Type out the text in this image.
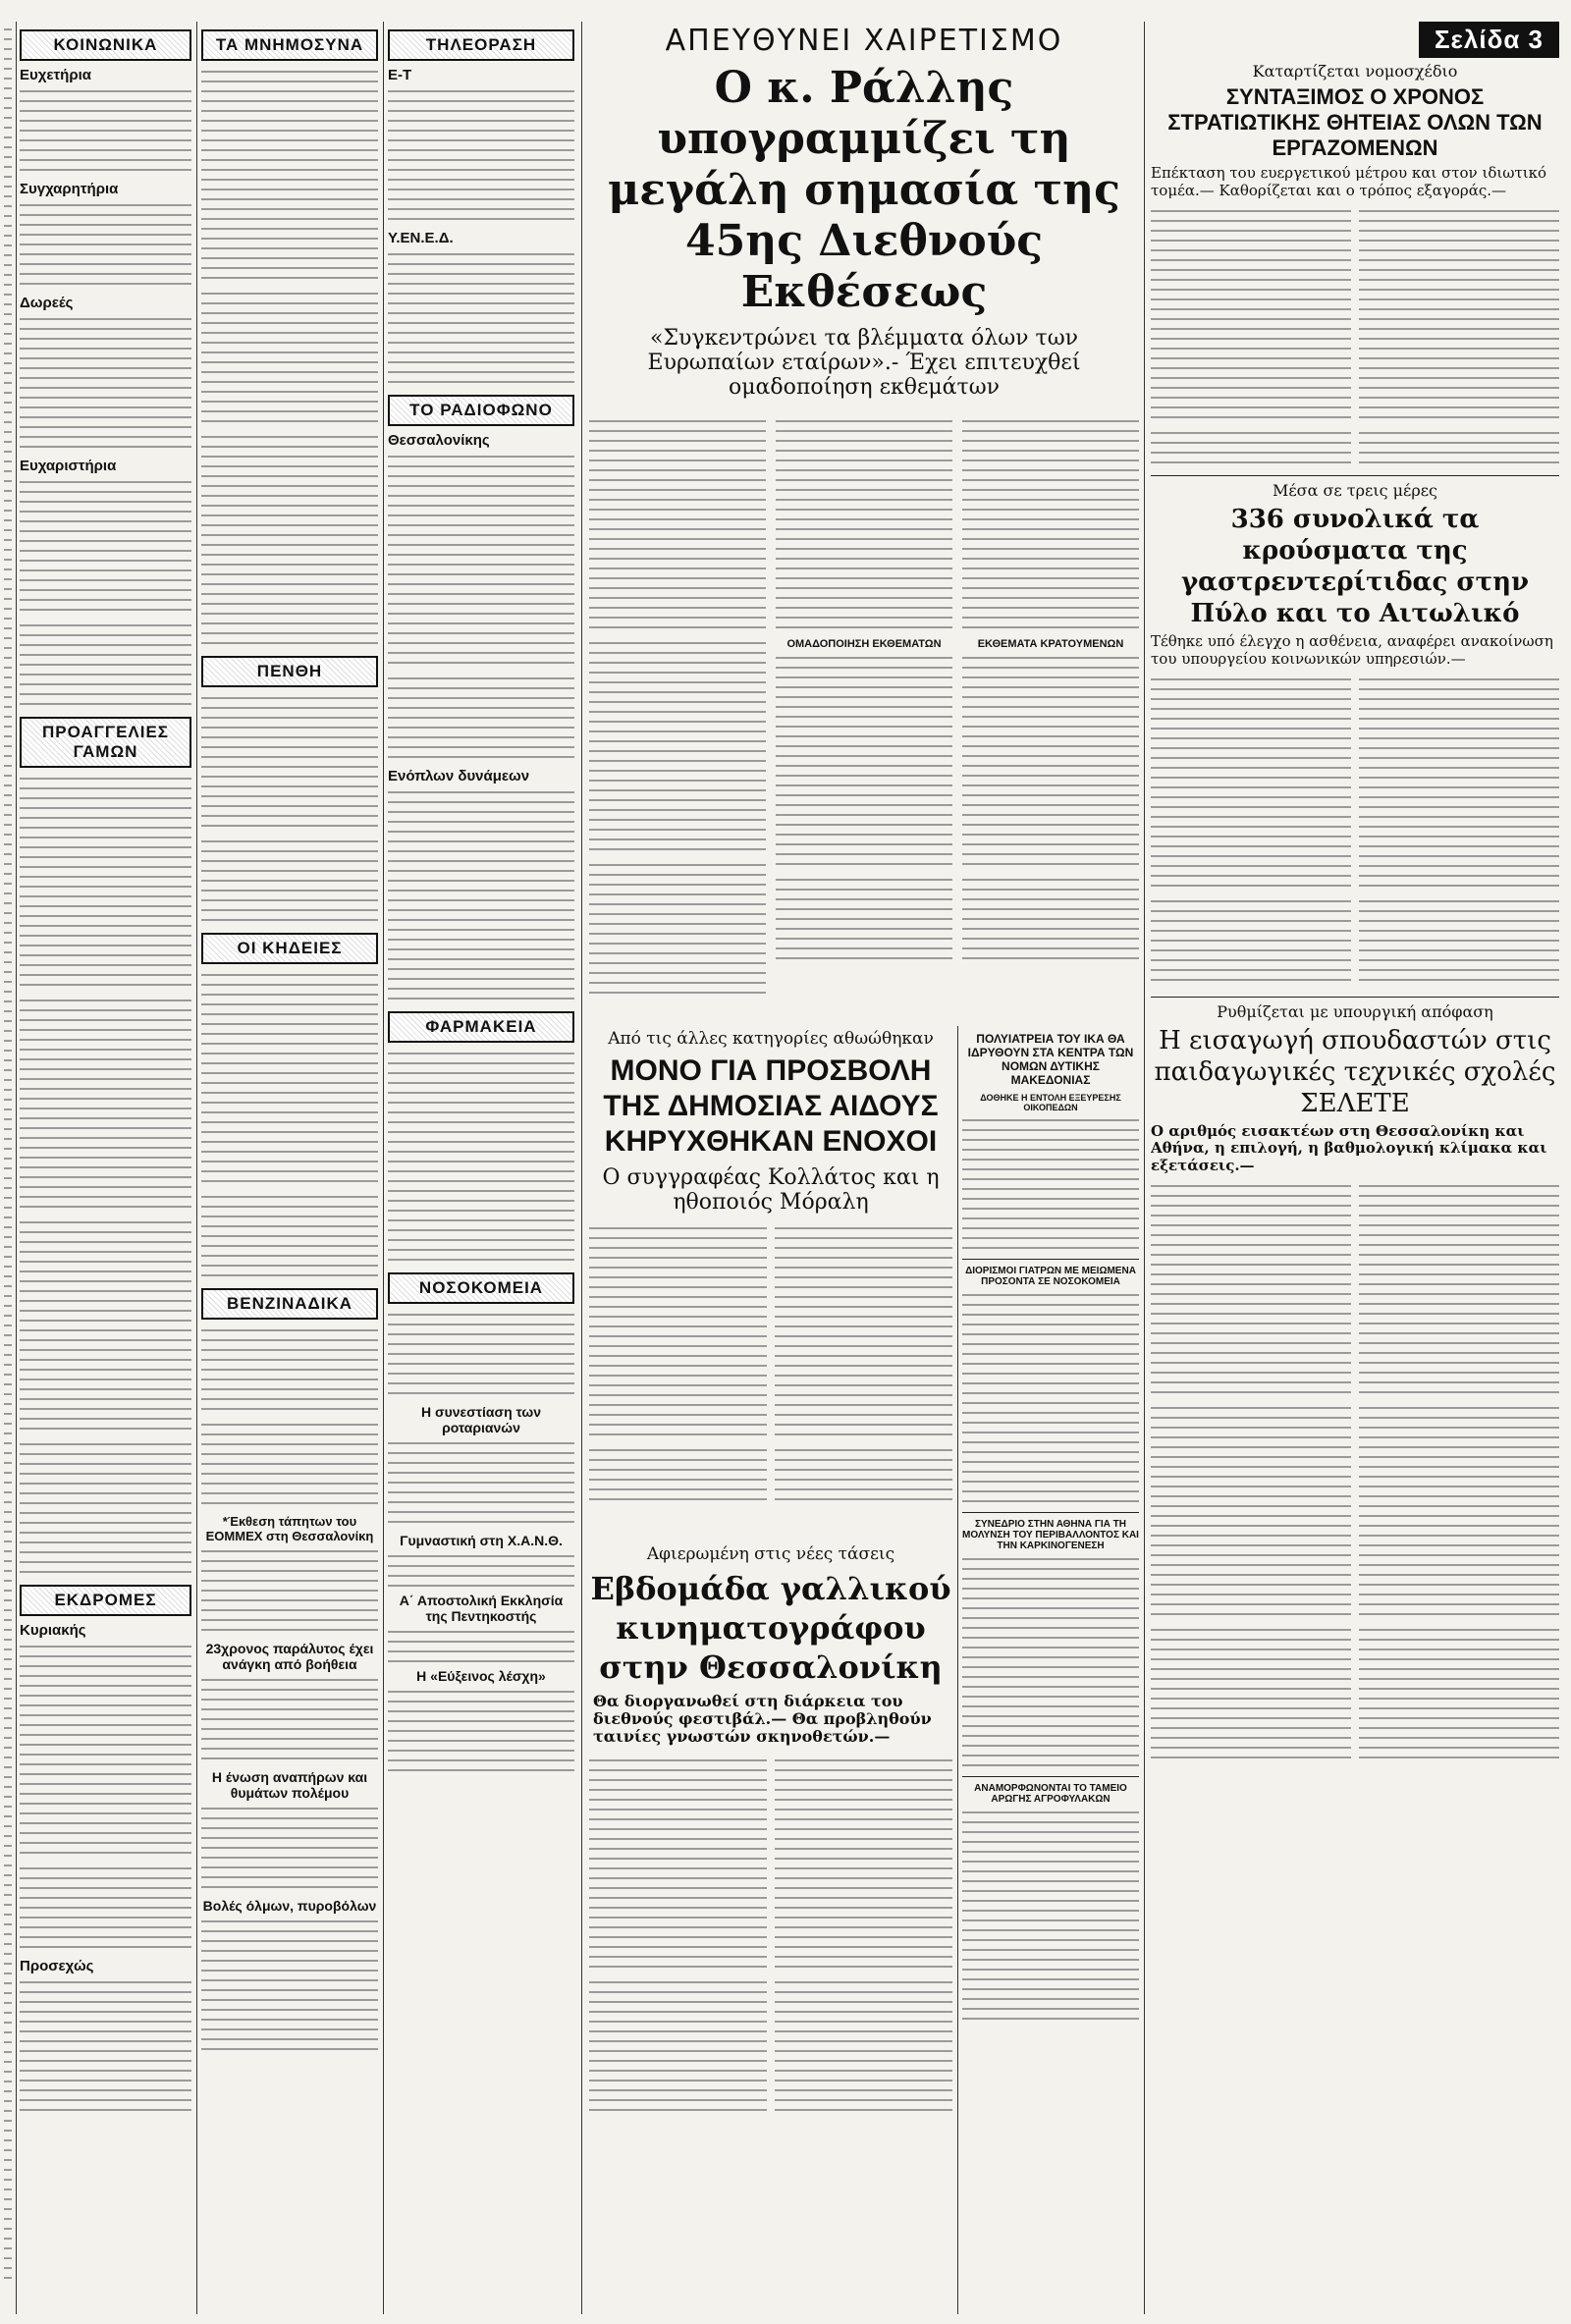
ΚΟΙΝΩΝΙΚΑ
Ευχετήρια
Συγχαρητήρια
Δωρεές
Ευχαριστήρια
ΠΡΟΑΓΓΕΛΙΕΣ ΓΑΜΩΝ
ΕΚΔΡΟΜΕΣ
Κυριακής
Προσεχώς
ΤΑ ΜΝΗΜΟΣΥΝΑ
ΠΕΝΘΗ
ΟΙ ΚΗΔΕΙΕΣ
ΒΕΝΖΙΝΑΔΙΚΑ
*Έκθεση τάπητων του ΕΟΜΜΕΧ στη Θεσσαλονίκη
23χρονος παράλυτος έχει ανάγκη από βοήθεια
Η ένωση αναπήρων και θυμάτων πολέμου
Βολές όλμων, πυροβόλων
ΤΗΛΕΟΡΑΣΗ
Ε-Τ
Υ.ΕΝ.Ε.Δ.
ΤΟ ΡΑΔΙΟΦΩΝΟ
Θεσσαλονίκης
Ενόπλων δυνάμεων
ΦΑΡΜΑΚΕΙΑ
ΝΟΣΟΚΟΜΕΙΑ
Η συνεστίαση των ροταριανών
Γυμναστική στη Χ.Α.Ν.Θ.
Α΄ Αποστολική Εκκλησία της Πεντηκοστής
Η «Εύξεινος λέσχη»
ΑΠΕΥΘΥΝΕΙ ΧΑΙΡΕΤΙΣΜΟ
Ο κ. Ράλλης υπογραμμίζει τη μεγάλη σημασία της 45ης Διεθνούς Εκθέσεως
«Συγκεντρώνει τα βλέμματα όλων των Ευρωπαίων εταίρων».- Έχει επιτευχθεί ομαδοποίηση εκθεμάτων
ΟΜΑΔΟΠΟΙΗΣΗ ΕΚΘΕΜΑΤΩΝ	ΕΚΘΕΜΑΤΑ ΚΡΑΤΟΥΜΕΝΩΝ
Από τις άλλες κατηγορίες αθωώθηκαν
ΜΟΝΟ ΓΙΑ ΠΡΟΣΒΟΛΗ ΤΗΣ ΔΗΜΟΣΙΑΣ ΑΙΔΟΥΣ ΚΗΡΥΧΘΗΚΑΝ ΕΝΟΧΟΙ
Ο συγγραφέας Κολλάτος και η ηθοποιός Μόραλη
Αφιερωμένη στις νέες τάσεις
Εβδομάδα γαλλικού κινηματογράφου στην Θεσσαλονίκη
Θα διοργανωθεί στη διάρκεια του διεθνούς φεστιβάλ.— Θα προβληθούν ταινίες γνωστών σκηνοθετών.—
ΠΟΛΥΙΑΤΡΕΙΑ ΤΟΥ ΙΚΑ ΘΑ ΙΔΡΥΘΟΥΝ ΣΤΑ ΚΕΝΤΡΑ ΤΩΝ ΝΟΜΩΝ ΔΥΤΙΚΗΣ ΜΑΚΕΔΟΝΙΑΣ
ΔΟΘΗΚΕ Η ΕΝΤΟΛΗ ΕΞΕΥΡΕΣΗΣ ΟΙΚΟΠΕΔΩΝ
ΔΙΟΡΙΣΜΟΙ ΓΙΑΤΡΩΝ ΜΕ ΜΕΙΩΜΕΝΑ ΠΡΟΣΟΝΤΑ ΣΕ ΝΟΣΟΚΟΜΕΙΑ
ΣΥΝΕΔΡΙΟ ΣΤΗΝ ΑΘΗΝΑ ΓΙΑ ΤΗ ΜΟΛΥΝΣΗ ΤΟΥ ΠΕΡΙΒΑΛΛΟΝΤΟΣ ΚΑΙ ΤΗΝ ΚΑΡΚΙΝΟΓΕΝΕΣΗ
ΑΝΑΜΟΡΦΩΝΟΝΤΑΙ ΤΟ ΤΑΜΕΙΟ ΑΡΩΓΗΣ ΑΓΡΟΦΥΛΑΚΩΝ
Σελίδα 3
Καταρτίζεται νομοσχέδιο
ΣΥΝΤΑΞΙΜΟΣ Ο ΧΡΟΝΟΣ ΣΤΡΑΤΙΩΤΙΚΗΣ ΘΗΤΕΙΑΣ ΟΛΩΝ ΤΩΝ ΕΡΓΑΖΟΜΕΝΩΝ
Επέκταση του ευεργετικού μέτρου και στον ιδιωτικό τομέα.— Καθορίζεται και ο τρόπος εξαγοράς.—
Μέσα σε τρεις μέρες
336 συνολικά τα κρούσματα της γαστρεντερίτιδας στην Πύλο και το Αιτωλικό
Τέθηκε υπό έλεγχο η ασθένεια, αναφέρει ανακοίνωση του υπουργείου κοινωνικών υπηρεσιών.—
Ρυθμίζεται με υπουργική απόφαση
Η εισαγωγή σπουδαστών στις παιδαγωγικές τεχνικές σχολές ΣΕΛΕΤΕ
Ο αριθμός εισακτέων στη Θεσσαλονίκη και Αθήνα, η επιλογή, η βαθμολογική κλίμακα και εξετάσεις.—
